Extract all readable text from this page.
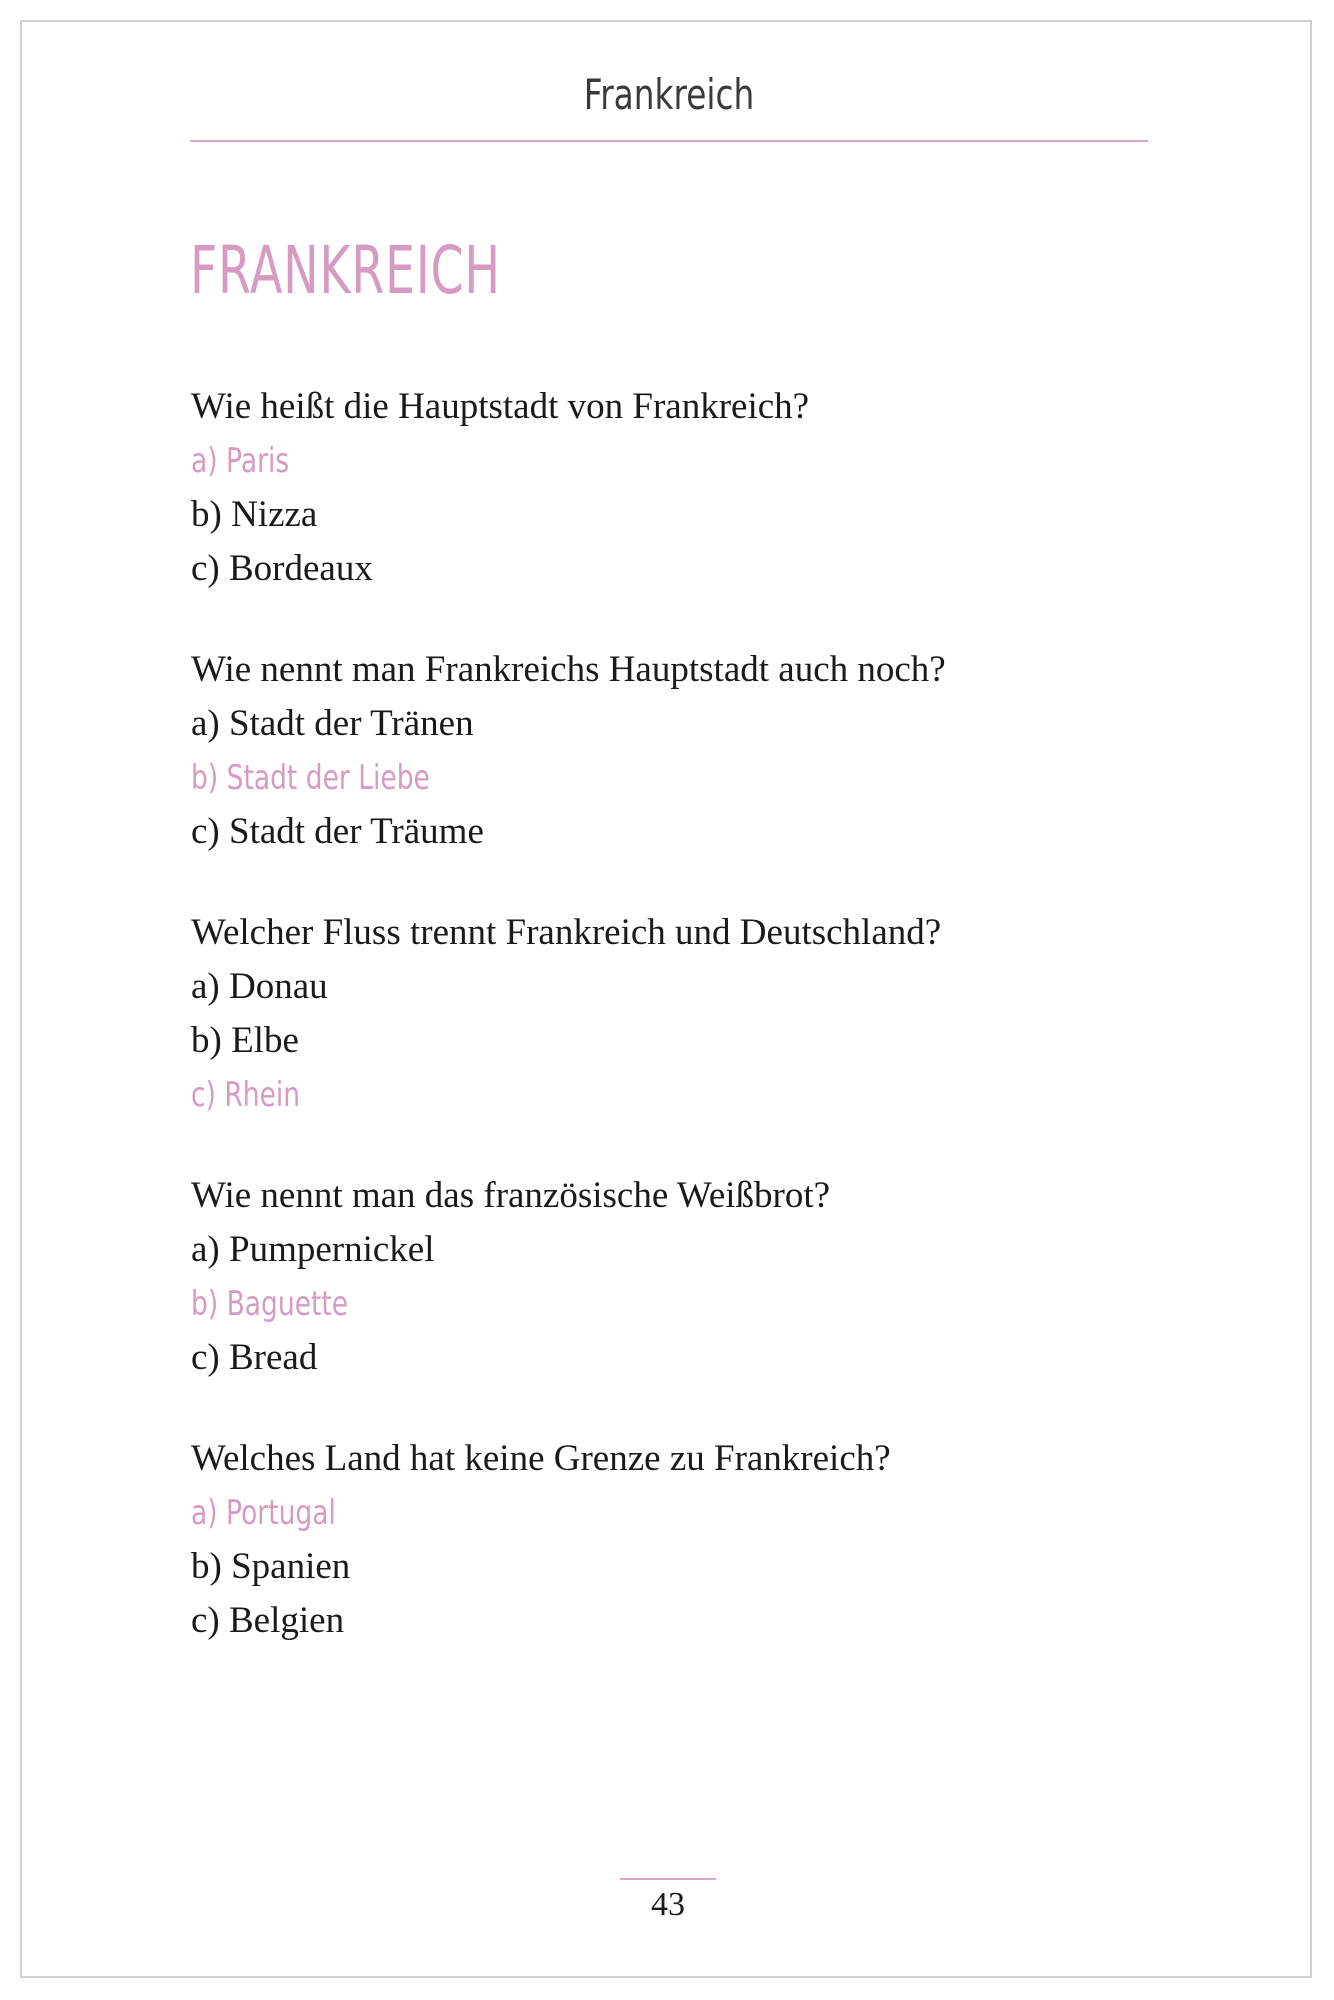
Frankreich
FRANKREICH
Wie heißt die Hauptstadt von Frankreich?
a) Paris
b) Nizza
c) Bordeaux
Wie nennt man Frankreichs Hauptstadt auch noch?
a) Stadt der Tränen
b) Stadt der Liebe
c) Stadt der Träume
Welcher Fluss trennt Frankreich und Deutschland?
a) Donau
b) Elbe
c) Rhein
Wie nennt man das französische Weißbrot?
a) Pumpernickel
b) Baguette
c) Bread
Welches Land hat keine Grenze zu Frankreich?
a) Portugal
b) Spanien
c) Belgien
43
